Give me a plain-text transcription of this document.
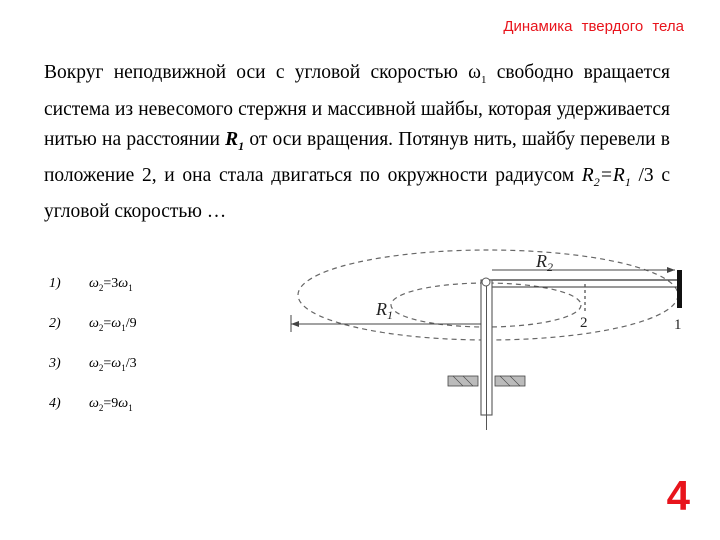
Динамика твердого тела
Вокруг неподвижной оси с угловой скоростью $\omega_1$ свободно вращается система из невесомого стержня и массивной шайбы, которая удерживается нитью на расстоянии $R_1$ от оси вращения. Потянув нить, шайбу перевели в положение 2, и она стала двигаться по окружности радиусом $R_2=R_1$ /3 с угловой скоростью …
1) $\omega_2=3\omega_1$
2) $\omega_2=\omega_1/9$
3) $\omega_2=\omega_1/3$
4) $\omega_2=9\omega_1$
$R_2$
$R_1$	2	1
4
